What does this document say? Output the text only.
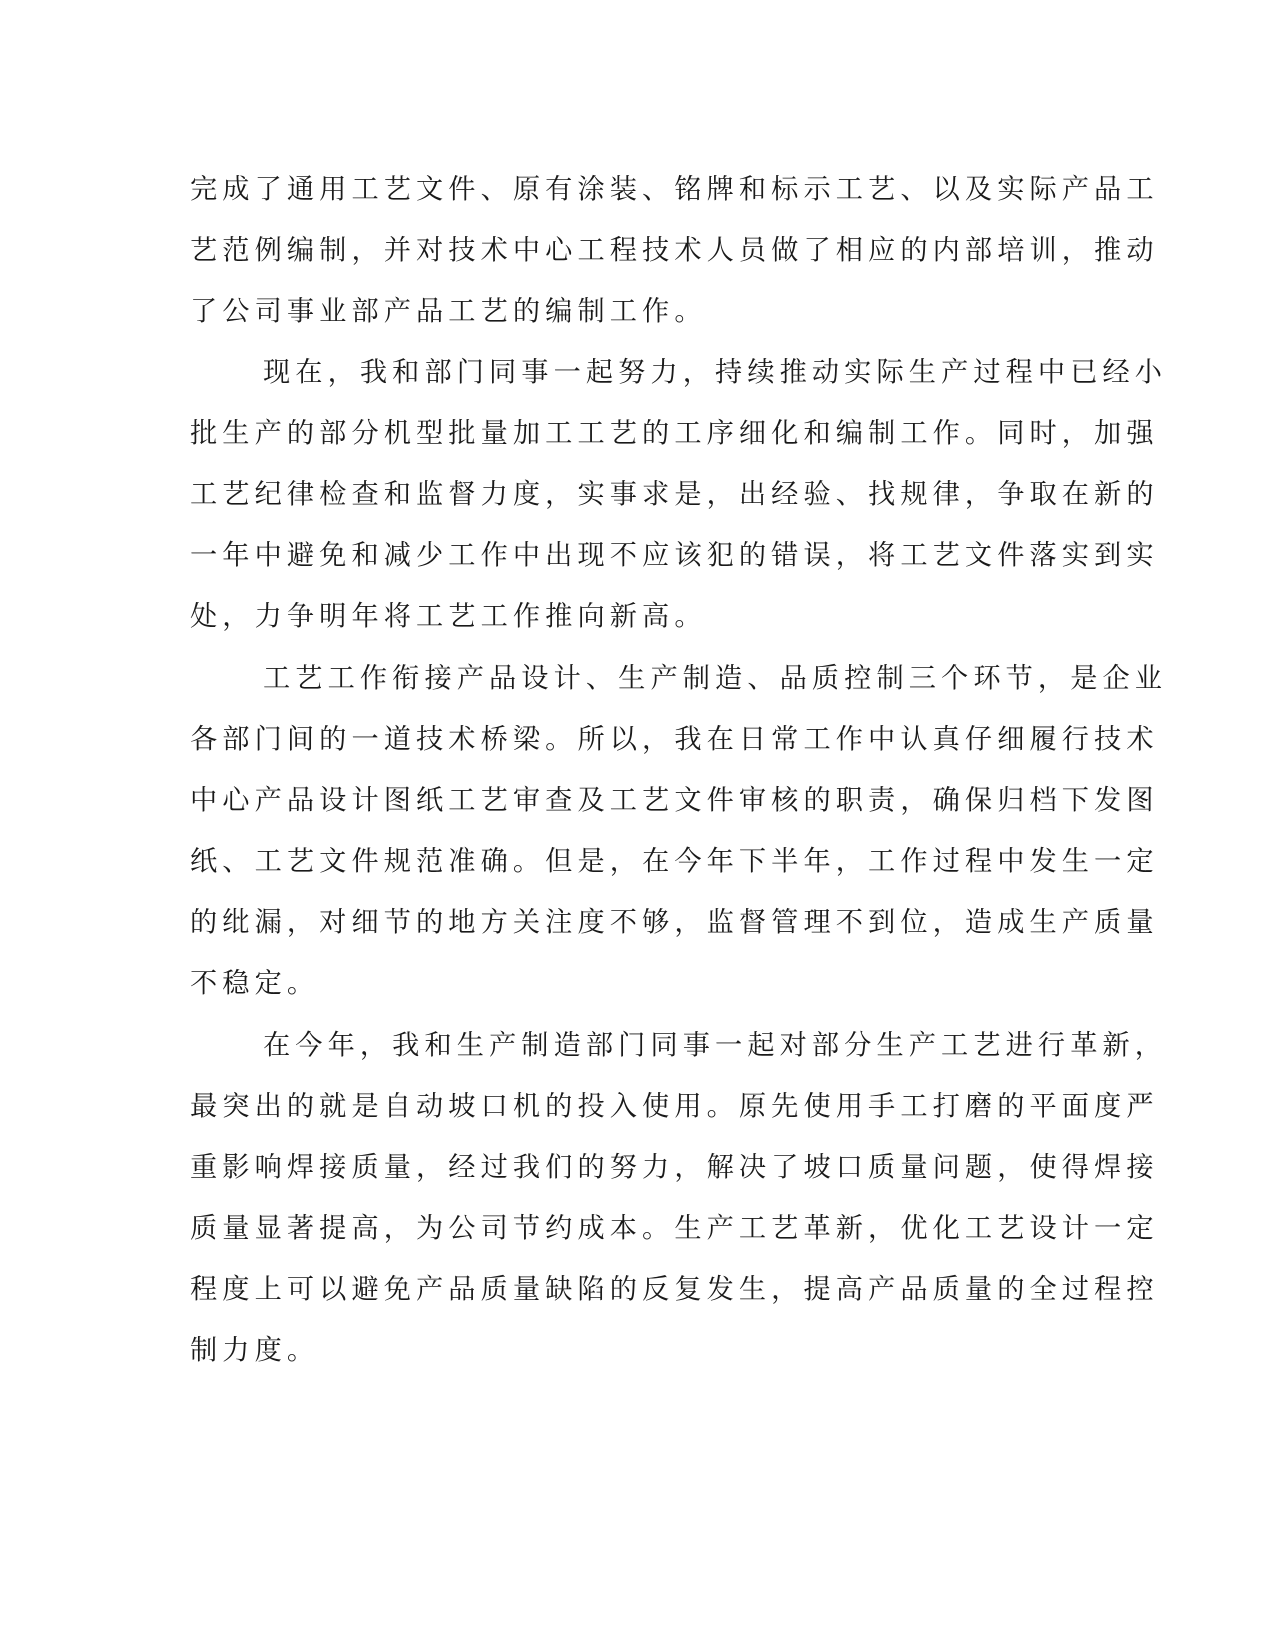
完成了通用工艺文件、原有涂装、铭牌和标示工艺、以及实际产品工
艺范例编制，并对技术中心工程技术人员做了相应的内部培训，推动
了公司事业部产品工艺的编制工作。
现在，我和部门同事一起努力，持续推动实际生产过程中已经小
批生产的部分机型批量加工工艺的工序细化和编制工作。同时，加强
工艺纪律检查和监督力度，实事求是，出经验、找规律，争取在新的
一年中避免和减少工作中出现不应该犯的错误，将工艺文件落实到实
处，力争明年将工艺工作推向新高。
工艺工作衔接产品设计、生产制造、品质控制三个环节，是企业
各部门间的一道技术桥梁。所以，我在日常工作中认真仔细履行技术
中心产品设计图纸工艺审查及工艺文件审核的职责，确保归档下发图
纸、工艺文件规范准确。但是，在今年下半年，工作过程中发生一定
的纰漏，对细节的地方关注度不够，监督管理不到位，造成生产质量
不稳定。
在今年，我和生产制造部门同事一起对部分生产工艺进行革新，
最突出的就是自动坡口机的投入使用。原先使用手工打磨的平面度严
重影响焊接质量，经过我们的努力，解决了坡口质量问题，使得焊接
质量显著提高，为公司节约成本。生产工艺革新，优化工艺设计一定
程度上可以避免产品质量缺陷的反复发生，提高产品质量的全过程控
制力度。
